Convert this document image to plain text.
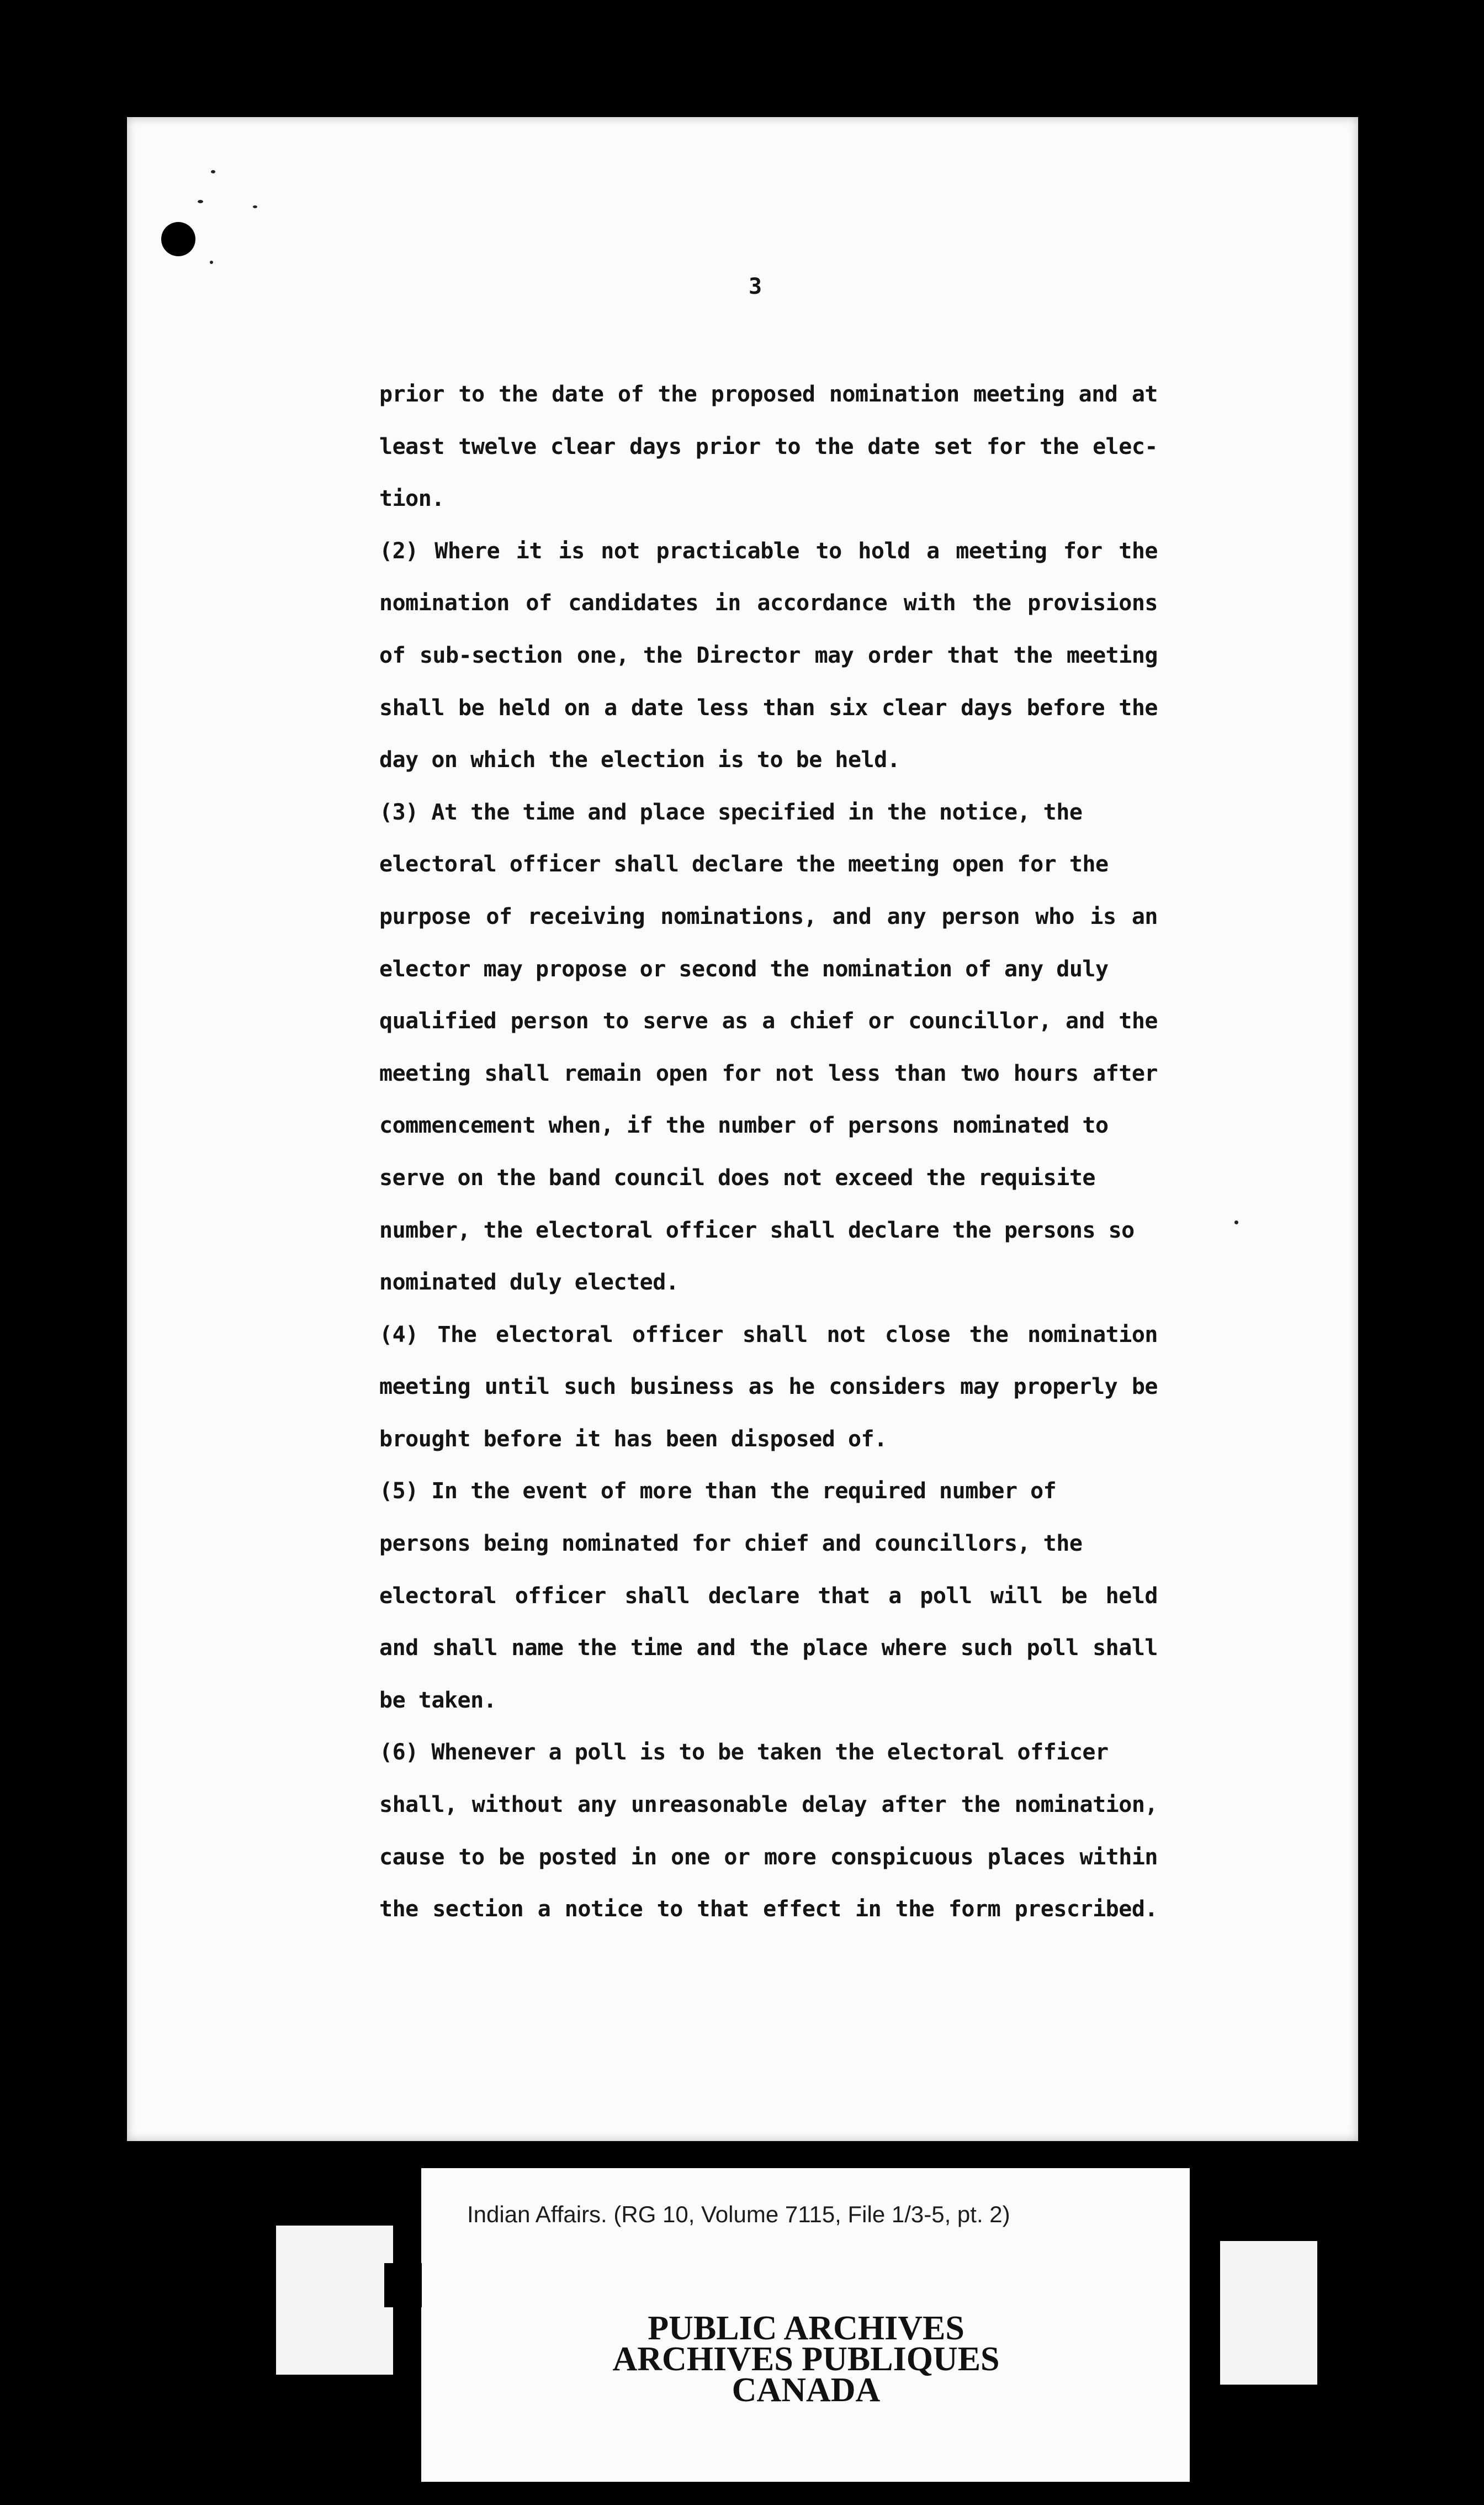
3
prior to the date of the proposed nomination meeting and at
least twelve clear days prior to the date set for the elec-
tion.
(2) Where it is not practicable to hold a meeting for the
nomination of candidates in accordance with the provisions
of sub-section one, the Director may order that the meeting
shall be held on a date less than six clear days before the
day on which the election is to be held.
(3) At the time and place specified in the notice, the
electoral officer shall declare the meeting open for the
purpose of receiving nominations, and any person who is an
elector may propose or second the nomination of any duly
qualified person to serve as a chief or councillor, and the
meeting shall remain open for not less than two hours after
commencement when, if the number of persons nominated to
serve on the band council does not exceed the requisite
number, the electoral officer shall declare the persons so
nominated duly elected.
(4) The electoral officer shall not close the nomination
meeting until such business as he considers may properly be
brought before it has been disposed of.
(5) In the event of more than the required number of
persons being nominated for chief and councillors, the
electoral officer shall declare that a poll will be held
and shall name the time and the place where such poll shall
be taken.
(6) Whenever a poll is to be taken the electoral officer
shall, without any unreasonable delay after the nomination,
cause to be posted in one or more conspicuous places within
the section a notice to that effect in the form prescribed.
Indian Affairs. (RG 10, Volume 7115, File 1/3-5, pt. 2)
PUBLIC ARCHIVES
ARCHIVES PUBLIQUES
CANADA
